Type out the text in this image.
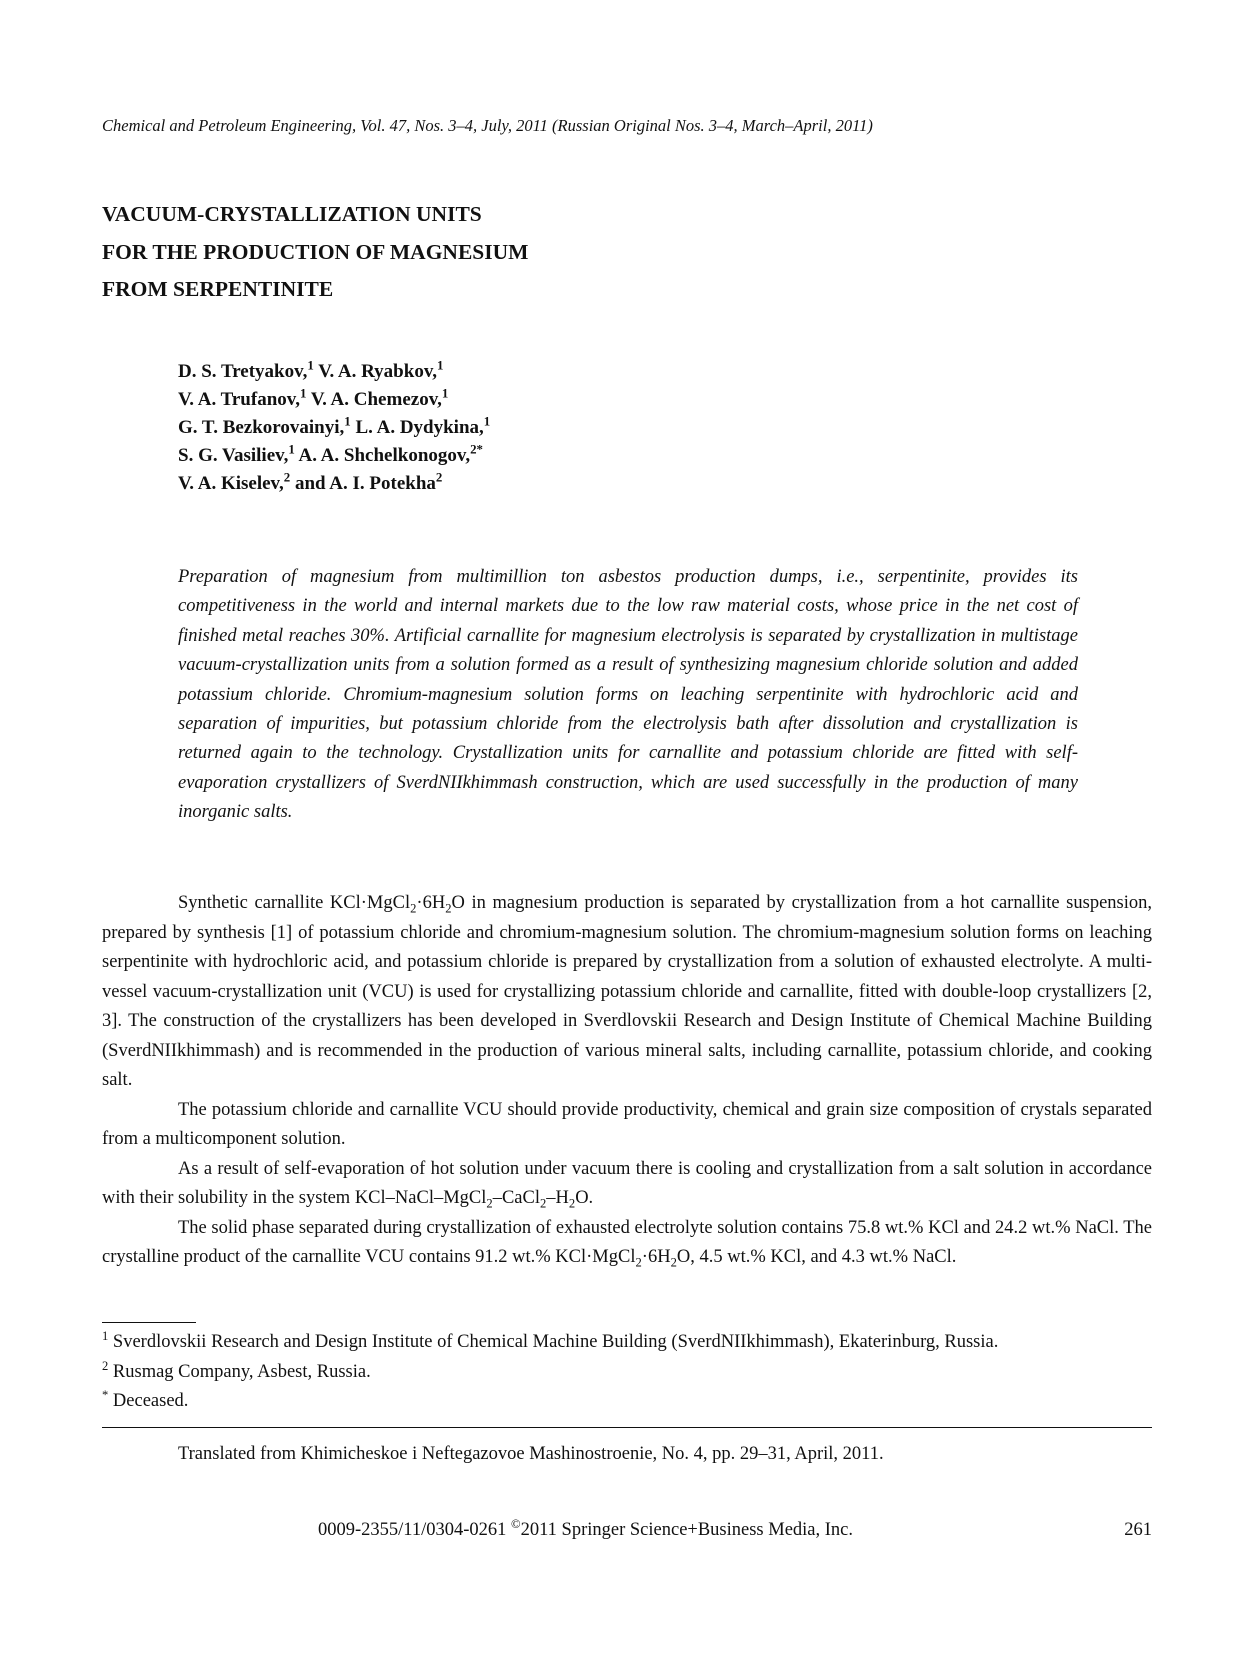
Chemical and Petroleum Engineering, Vol. 47, Nos. 3–4, July, 2011 (Russian Original Nos. 3–4, March–April, 2011)
VACUUM-CRYSTALLIZATION UNITS
FOR THE PRODUCTION OF MAGNESIUM
FROM SERPENTINITE
D. S. Tretyakov,$^1$ V. A. Ryabkov,$^1$
V. A. Trufanov,$^1$ V. A. Chemezov,$^1$
G. T. Bezkorovainyi,$^1$ L. A. Dydykina,$^1$
S. G. Vasiliev,$^1$ A. A. Shchelkonogov,$^{2*}$
V. A. Kiselev,$^2$ and A. I. Potekha$^2$
Preparation of magnesium from multimillion ton asbestos production dumps, i.e., serpentinite, provides its competitiveness in the world and internal markets due to the low raw material costs, whose price in the net cost of finished metal reaches 30%. Artificial carnallite for magnesium electrolysis is separated by crystallization in multistage vacuum-crystallization units from a solution formed as a result of synthesizing magnesium chloride solution and added potassium chloride. Chromium-magnesium solution forms on leaching serpentinite with hydrochloric acid and separation of impurities, but potassium chloride from the electrolysis bath after dissolution and crystallization is returned again to the technology. Crystallization units for carnallite and potassium chloride are fitted with self-evaporation crystallizers of SverdNIIkhimmash construction, which are used successfully in the production of many inorganic salts.

Synthetic carnallite $KCl\cdot MgCl_2\cdot 6H_2O$ in magnesium production is separated by crystallization from a hot carnallite suspension, prepared by synthesis [1] of potassium chloride and chromium-magnesium solution. The chromium-magnesium solution forms on leaching serpentinite with hydrochloric acid, and potassium chloride is prepared by crystallization from a solution of exhausted electrolyte. A multi-vessel vacuum-crystallization unit (VCU) is used for crystallizing potassium chloride and carnallite, fitted with double-loop crystallizers [2, 3]. The construction of the crystallizers has been developed in Sverdlovskii Research and Design Institute of Chemical Machine Building (SverdNIIkhimmash) and is recommended in the production of various mineral salts, including carnallite, potassium chloride, and cooking salt.

The potassium chloride and carnallite VCU should provide productivity, chemical and grain size composition of crystals separated from a multicomponent solution.

As a result of self-evaporation of hot solution under vacuum there is cooling and crystallization from a salt solution in accordance with their solubility in the system KCl–$NaCl-MgCl_2-CaCl_2-H_2O$.

The solid phase separated during crystallization of exhausted electrolyte solution contains 75.8 wt.% KCl and 24.2 wt.% NaCl. The crystalline product of the carnallite VCU contains 91.2 wt.% $KCl\cdot MgCl_2\cdot 6H_2O$, 4.5 wt.% KCl, and 4.3 wt.% NaCl.

$^1$ Sverdlovskii Research and Design Institute of Chemical Machine Building (SverdNIIkhimmash), Ekaterinburg, Russia.
$^2$ Rusmag Company, Asbest, Russia.
* Deceased.
Translated from Khimicheskoe i Neftegazovoe Mashinostroenie, No. 4, pp. 29–31, April, 2011.
0009-2355/11/0304-0261 ©2011 Springer Science+Business Media, Inc.	261
